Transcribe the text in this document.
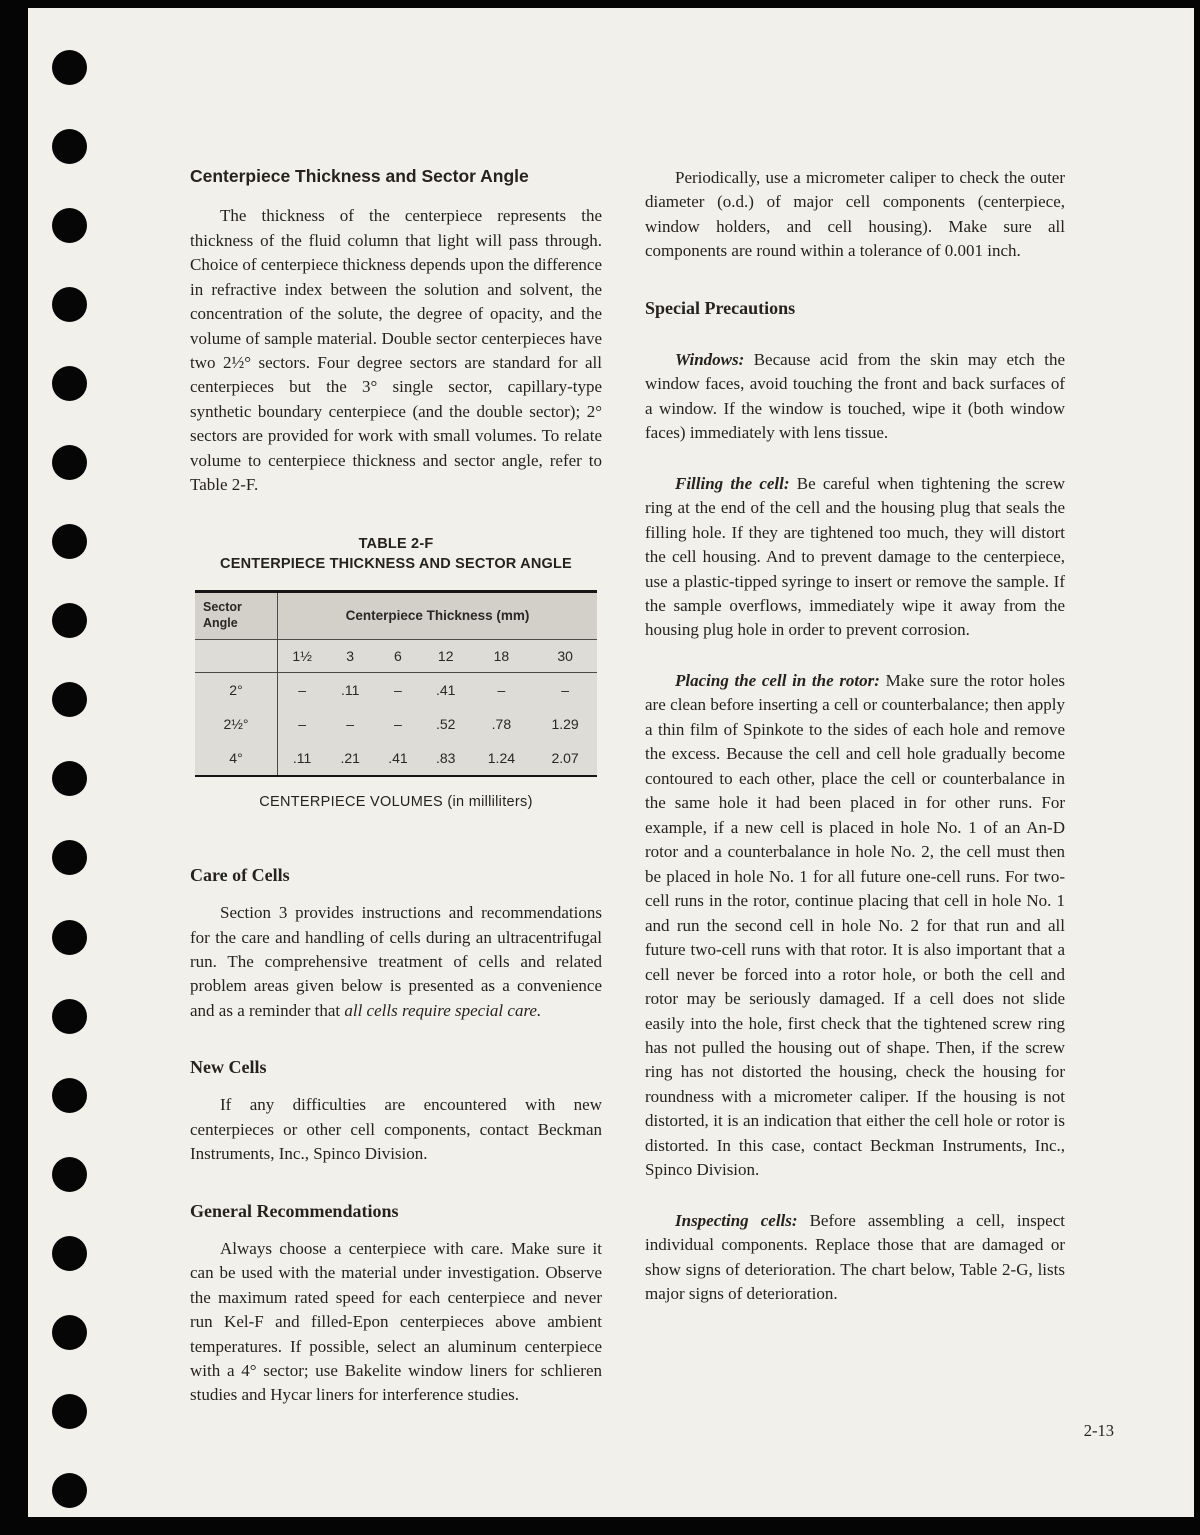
Centerpiece Thickness and Sector Angle

The thickness of the centerpiece represents the thickness of the fluid column that light will pass through. Choice of centerpiece thickness depends upon the difference in refractive index between the solution and solvent, the concentration of the solute, the degree of opacity, and the volume of sample material. Double sector centerpieces have two 2½° sectors. Four degree sectors are standard for all centerpieces but the 3° single sector, capillary-type synthetic boundary centerpiece (and the double sector); 2° sectors are provided for work with small volumes. To relate volume to centerpiece thickness and sector angle, refer to Table 2-F.

TABLE 2-F
CENTERPIECE THICKNESS AND SECTOR ANGLE
Sector Angle	Centerpiece Thickness (mm)					
	1½	3	6	12	18	30
2°	–	.11	–	.41	–	–
2½°	–	–	–	.52	.78	1.29
4°	.11	.21	.41	.83	1.24	2.07
CENTERPIECE VOLUMES (in milliliters)
Care of Cells

Section 3 provides instructions and recommendations for the care and handling of cells during an ultracentrifugal run. The comprehensive treatment of cells and related problem areas given below is presented as a convenience and as a reminder that all cells require special care.

New Cells

If any difficulties are encountered with new centerpieces or other cell components, contact Beckman Instruments, Inc., Spinco Division.

General Recommendations

Always choose a centerpiece with care. Make sure it can be used with the material under investigation. Observe the maximum rated speed for each centerpiece and never run Kel-F and filled-Epon centerpieces above ambient temperatures. If possible, select an aluminum centerpiece with a 4° sector; use Bakelite window liners for schlieren studies and Hycar liners for interference studies.

Periodically, use a micrometer caliper to check the outer diameter (o.d.) of major cell components (centerpiece, window holders, and cell housing). Make sure all components are round within a tolerance of 0.001 inch.

Special Precautions

Windows: Because acid from the skin may etch the window faces, avoid touching the front and back surfaces of a window. If the window is touched, wipe it (both window faces) immediately with lens tissue.

Filling the cell: Be careful when tightening the screw ring at the end of the cell and the housing plug that seals the filling hole. If they are tightened too much, they will distort the cell housing. And to prevent damage to the centerpiece, use a plastic-tipped syringe to insert or remove the sample. If the sample overflows, immediately wipe it away from the housing plug hole in order to prevent corrosion.

Placing the cell in the rotor: Make sure the rotor holes are clean before inserting a cell or counterbalance; then apply a thin film of Spinkote to the sides of each hole and remove the excess. Because the cell and cell hole gradually become contoured to each other, place the cell or counterbalance in the same hole it had been placed in for other runs. For example, if a new cell is placed in hole No. 1 of an An-D rotor and a counterbalance in hole No. 2, the cell must then be placed in hole No. 1 for all future one-cell runs. For two-cell runs in the rotor, continue placing that cell in hole No. 1 and run the second cell in hole No. 2 for that run and all future two-cell runs with that rotor. It is also important that a cell never be forced into a rotor hole, or both the cell and rotor may be seriously damaged. If a cell does not slide easily into the hole, first check that the tightened screw ring has not pulled the housing out of shape. Then, if the screw ring has not distorted the housing, check the housing for roundness with a micrometer caliper. If the housing is not distorted, it is an indication that either the cell hole or rotor is distorted. In this case, contact Beckman Instruments, Inc., Spinco Division.

Inspecting cells: Before assembling a cell, inspect individual components. Replace those that are damaged or show signs of deterioration. The chart below, Table 2-G, lists major signs of deterioration.

2-13
